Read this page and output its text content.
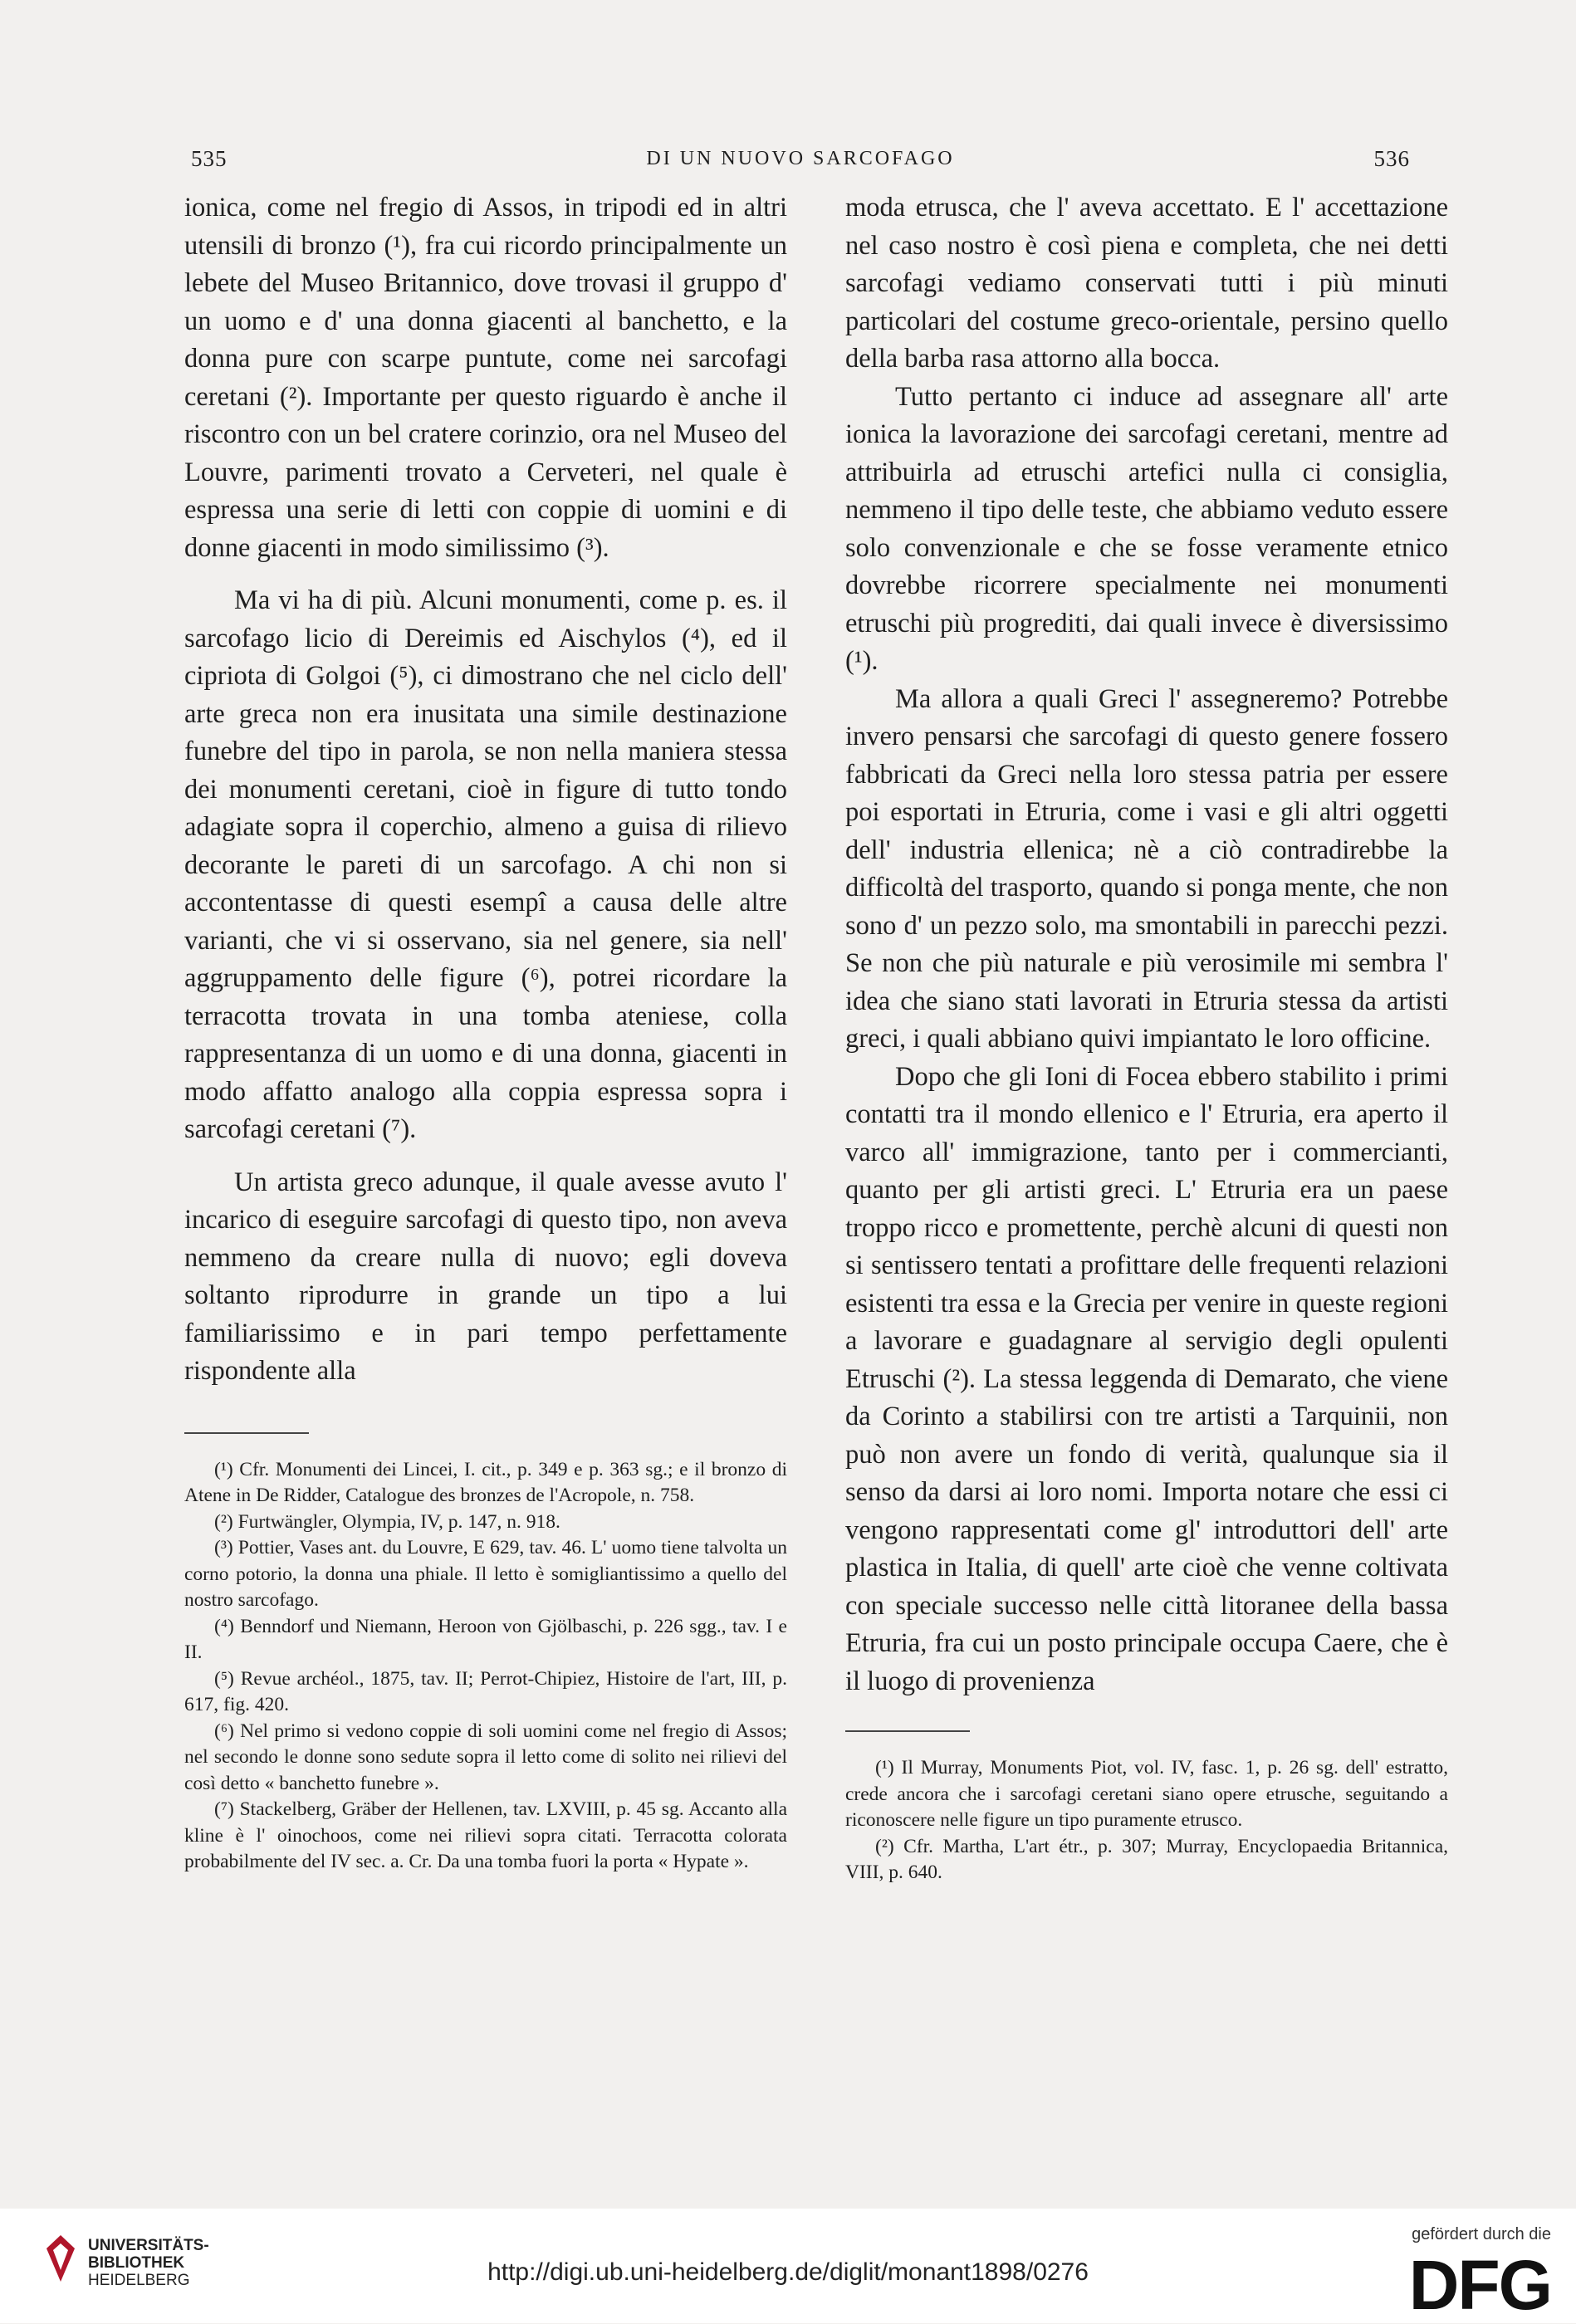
535	DI UN NUOVO SARCOFAGO	536

ionica, come nel fregio di Assos, in tripodi ed in altri utensili di bronzo (¹), fra cui ricordo principalmente un lebete del Museo Britannico, dove trovasi il gruppo d' un uomo e d' una donna giacenti al banchetto, e la donna pure con scarpe puntute, come nei sarcofagi ceretani (²). Importante per questo riguardo è anche il riscontro con un bel cratere corinzio, ora nel Museo del Louvre, parimenti trovato a Cerveteri, nel quale è espressa una serie di letti con coppie di uomini e di donne giacenti in modo similissimo (³).

Ma vi ha di più. Alcuni monumenti, come p. es. il sarcofago licio di Dereimis ed Aischylos (⁴), ed il cipriota di Golgoi (⁵), ci dimostrano che nel ciclo dell' arte greca non era inusitata una simile destinazione funebre del tipo in parola, se non nella maniera stessa dei monumenti ceretani, cioè in figure di tutto tondo adagiate sopra il coperchio, almeno a guisa di rilievo decorante le pareti di un sarcofago. A chi non si accontentasse di questi esempî a causa delle altre varianti, che vi si osservano, sia nel genere, sia nell' aggruppamento delle figure (⁶), potrei ricordare la terracotta trovata in una tomba ateniese, colla rappresentanza di un uomo e di una donna, giacenti in modo affatto analogo alla coppia espressa sopra i sarcofagi ceretani (⁷).

Un artista greco adunque, il quale avesse avuto l' incarico di eseguire sarcofagi di questo tipo, non aveva nemmeno da creare nulla di nuovo; egli doveva soltanto riprodurre in grande un tipo a lui familiarissimo e in pari tempo perfettamente rispondente alla

(¹) Cfr. Monumenti dei Lincei, I. cit., p. 349 e p. 363 sg.; e il bronzo di Atene in De Ridder, Catalogue des bronzes de l'Acropole, n. 758.

(²) Furtwängler, Olympia, IV, p. 147, n. 918.

(³) Pottier, Vases ant. du Louvre, E 629, tav. 46. L' uomo tiene talvolta un corno potorio, la donna una phiale. Il letto è somigliantissimo a quello del nostro sarcofago.

(⁴) Benndorf und Niemann, Heroon von Gjölbaschi, p. 226 sgg., tav. I e II.

(⁵) Revue archéol., 1875, tav. II; Perrot-Chipiez, Histoire de l'art, III, p. 617, fig. 420.

(⁶) Nel primo si vedono coppie di soli uomini come nel fregio di Assos; nel secondo le donne sono sedute sopra il letto come di solito nei rilievi del così detto « banchetto funebre ».

(⁷) Stackelberg, Gräber der Hellenen, tav. LXVIII, p. 45 sg. Accanto alla kline è l' oinochoos, come nei rilievi sopra citati. Terracotta colorata probabilmente del IV sec. a. Cr. Da una tomba fuori la porta « Hypate ».

moda etrusca, che l' aveva accettato. E l' accettazione nel caso nostro è così piena e completa, che nei detti sarcofagi vediamo conservati tutti i più minuti particolari del costume greco-orientale, persino quello della barba rasa attorno alla bocca.

Tutto pertanto ci induce ad assegnare all' arte ionica la lavorazione dei sarcofagi ceretani, mentre ad attribuirla ad etruschi artefici nulla ci consiglia, nemmeno il tipo delle teste, che abbiamo veduto essere solo convenzionale e che se fosse veramente etnico dovrebbe ricorrere specialmente nei monumenti etruschi più progrediti, dai quali invece è diversissimo (¹).

Ma allora a quali Greci l' assegneremo? Potrebbe invero pensarsi che sarcofagi di questo genere fossero fabbricati da Greci nella loro stessa patria per essere poi esportati in Etruria, come i vasi e gli altri oggetti dell' industria ellenica; nè a ciò contradirebbe la difficoltà del trasporto, quando si ponga mente, che non sono d' un pezzo solo, ma smontabili in parecchi pezzi. Se non che più naturale e più verosimile mi sembra l' idea che siano stati lavorati in Etruria stessa da artisti greci, i quali abbiano quivi impiantato le loro officine.

Dopo che gli Ioni di Focea ebbero stabilito i primi contatti tra il mondo ellenico e l' Etruria, era aperto il varco all' immigrazione, tanto per i commercianti, quanto per gli artisti greci. L' Etruria era un paese troppo ricco e promettente, perchè alcuni di questi non si sentissero tentati a profittare delle frequenti relazioni esistenti tra essa e la Grecia per venire in queste regioni a lavorare e guadagnare al servigio degli opulenti Etruschi (²). La stessa leggenda di Demarato, che viene da Corinto a stabilirsi con tre artisti a Tarquinii, non può non avere un fondo di verità, qualunque sia il senso da darsi ai loro nomi. Importa notare che essi ci vengono rappresentati come gl' introduttori dell' arte plastica in Italia, di quell' arte cioè che venne coltivata con speciale successo nelle città litoranee della bassa Etruria, fra cui un posto principale occupa Caere, che è il luogo di provenienza

(¹) Il Murray, Monuments Piot, vol. IV, fasc. 1, p. 26 sg. dell' estratto, crede ancora che i sarcofagi ceretani siano opere etrusche, seguitando a riconoscere nelle figure un tipo puramente etrusco.

(²) Cfr. Martha, L'art étr., p. 307; Murray, Encyclopaedia Britannica, VIII, p. 640.

UNIVERSITÄTS-
BIBLIOTHEK
HEIDELBERG	http://digi.ub.uni-heidelberg.de/diglit/monant1898/0276
gefördert durch die
DFG
